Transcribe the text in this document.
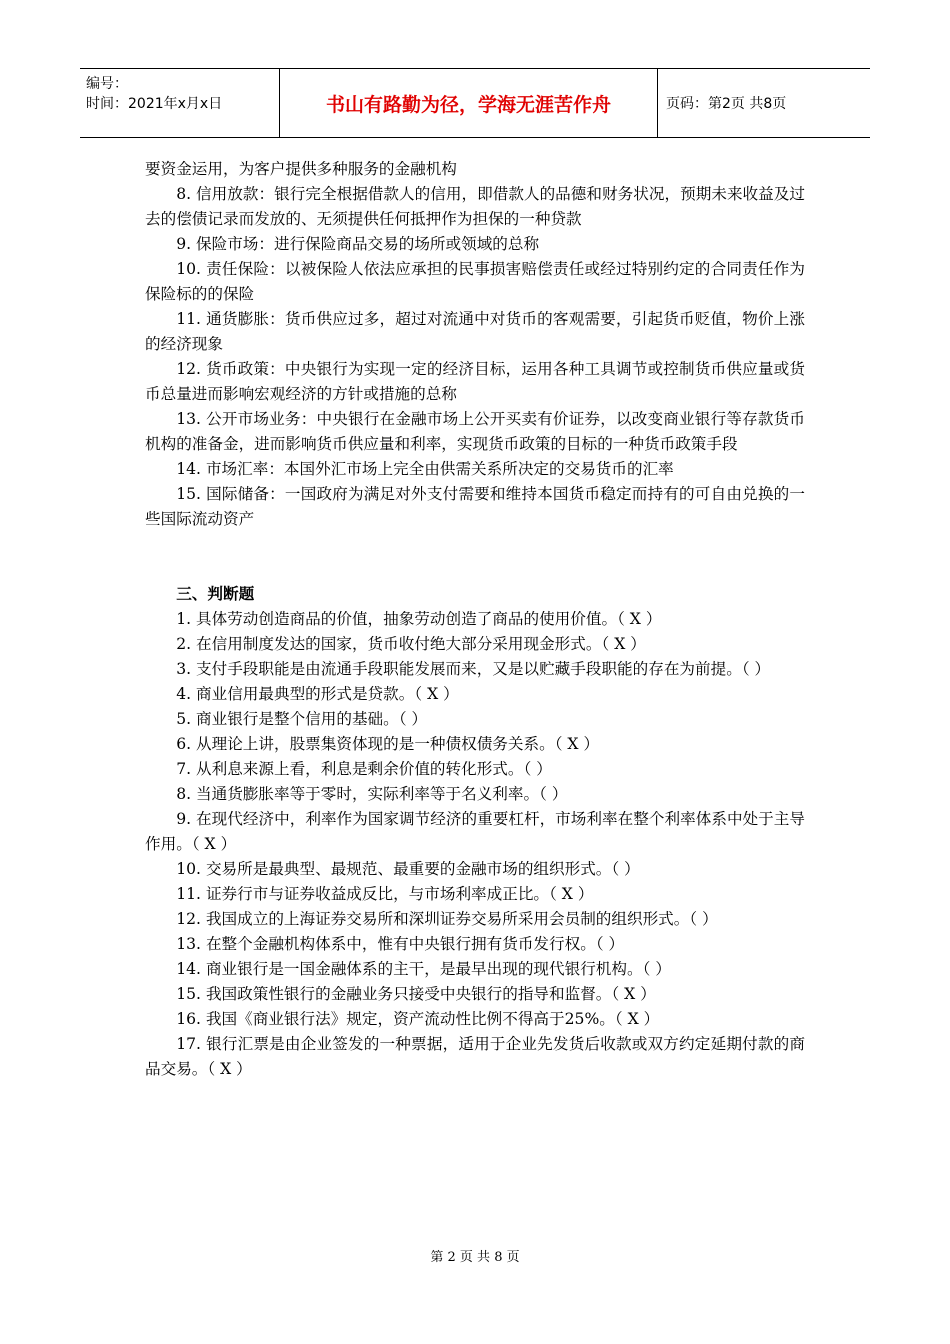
编号：
时间：2021年x月x日	书山有路勤为径，学海无涯苦作舟	页码：第2页 共8页

要资金运用，为客户提供多种服务的金融机构

8. 信用放款：银行完全根据借款人的信用，即借款人的品德和财务状况，预期未来收益及过去的偿债记录而发放的、无须提供任何抵押作为担保的一种贷款

9. 保险市场：进行保险商品交易的场所或领域的总称

10. 责任保险：以被保险人依法应承担的民事损害赔偿责任或经过特别约定的合同责任作为保险标的的保险

11. 通货膨胀：货币供应过多，超过对流通中对货币的客观需要，引起货币贬值，物价上涨的经济现象

12. 货币政策：中央银行为实现一定的经济目标，运用各种工具调节或控制货币供应量或货币总量进而影响宏观经济的方针或措施的总称

13. 公开市场业务：中央银行在金融市场上公开买卖有价证券，以改变商业银行等存款货币机构的准备金，进而影响货币供应量和利率，实现货币政策的目标的一种货币政策手段

14. 市场汇率：本国外汇市场上完全由供需关系所决定的交易货币的汇率

15. 国际储备：一国政府为满足对外支付需要和维持本国货币稳定而持有的可自由兑换的一些国际流动资产

三、判断题

1. 具体劳动创造商品的价值，抽象劳动创造了商品的使用价值。（ X ）

2. 在信用制度发达的国家，货币收付绝大部分采用现金形式。（ X ）

3. 支付手段职能是由流通手段职能发展而来，又是以贮藏手段职能的存在为前提。（ ）

4. 商业信用最典型的形式是贷款。（ X ）

5. 商业银行是整个信用的基础。（ ）

6. 从理论上讲，股票集资体现的是一种债权债务关系。（ X ）

7. 从利息来源上看，利息是剩余价值的转化形式。（ ）

8. 当通货膨胀率等于零时，实际利率等于名义利率。（ ）

9. 在现代经济中，利率作为国家调节经济的重要杠杆，市场利率在整个利率体系中处于主导作用。（ X ）

10. 交易所是最典型、最规范、最重要的金融市场的组织形式。（ ）

11. 证券行市与证券收益成反比，与市场利率成正比。（ X ）

12. 我国成立的上海证券交易所和深圳证券交易所采用会员制的组织形式。（ ）

13. 在整个金融机构体系中，惟有中央银行拥有货币发行权。（ ）

14. 商业银行是一国金融体系的主干，是最早出现的现代银行机构。（ ）

15. 我国政策性银行的金融业务只接受中央银行的指导和监督。（ X ）

16. 我国《商业银行法》规定，资产流动性比例不得高于25%。（ X ）

17. 银行汇票是由企业签发的一种票据，适用于企业先发货后收款或双方约定延期付款的商品交易。（ X ）

第 2 页 共 8 页
